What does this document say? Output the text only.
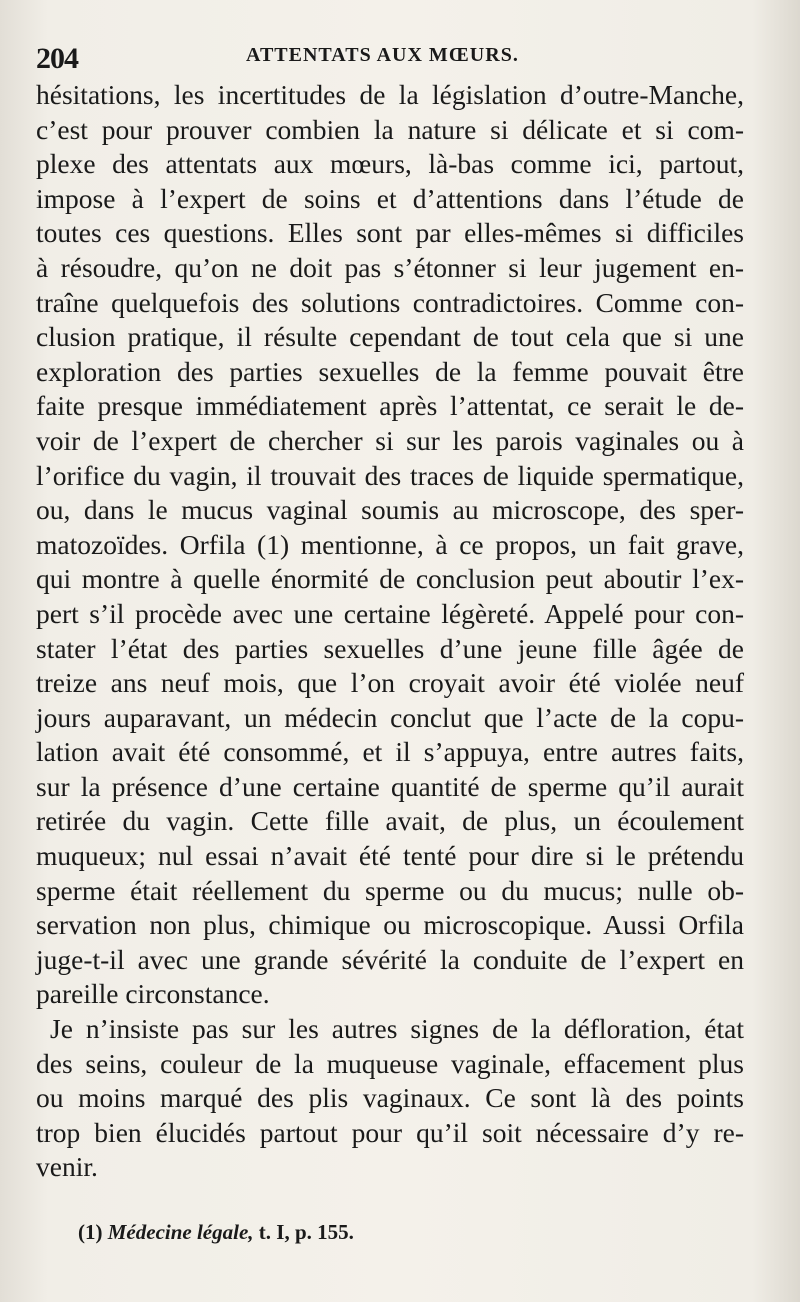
204	ATTENTATS AUX MŒURS.
hésitations, les incertitudes de la législation d’outre-Manche,
c’est pour prouver combien la nature si délicate et si com-
plexe des attentats aux mœurs, là-bas comme ici, partout,
impose à l’expert de soins et d’attentions dans l’étude de
toutes ces questions. Elles sont par elles-mêmes si difficiles
à résoudre, qu’on ne doit pas s’étonner si leur jugement en-
traîne quelquefois des solutions contradictoires. Comme con-
clusion pratique, il résulte cependant de tout cela que si une
exploration des parties sexuelles de la femme pouvait être
faite presque immédiatement après l’attentat, ce serait le de-
voir de l’expert de chercher si sur les parois vaginales ou à
l’orifice du vagin, il trouvait des traces de liquide spermatique,
ou, dans le mucus vaginal soumis au microscope, des sper-
matozoïdes. Orfila (1) mentionne, à ce propos, un fait grave,
qui montre à quelle énormité de conclusion peut aboutir l’ex-
pert s’il procède avec une certaine légèreté. Appelé pour con-
stater l’état des parties sexuelles d’une jeune fille âgée de
treize ans neuf mois, que l’on croyait avoir été violée neuf
jours auparavant, un médecin conclut que l’acte de la copu-
lation avait été consommé, et il s’appuya, entre autres faits,
sur la présence d’une certaine quantité de sperme qu’il aurait
retirée du vagin. Cette fille avait, de plus, un écoulement
muqueux; nul essai n’avait été tenté pour dire si le prétendu
sperme était réellement du sperme ou du mucus; nulle ob-
servation non plus, chimique ou microscopique. Aussi Orfila
juge-t-il avec une grande sévérité la conduite de l’expert en
pareille circonstance.
Je n’insiste pas sur les autres signes de la défloration, état
des seins, couleur de la muqueuse vaginale, effacement plus
ou moins marqué des plis vaginaux. Ce sont là des points
trop bien élucidés partout pour qu’il soit nécessaire d’y re-
venir.
(1) Médecine légale, t. I, p. 155.
